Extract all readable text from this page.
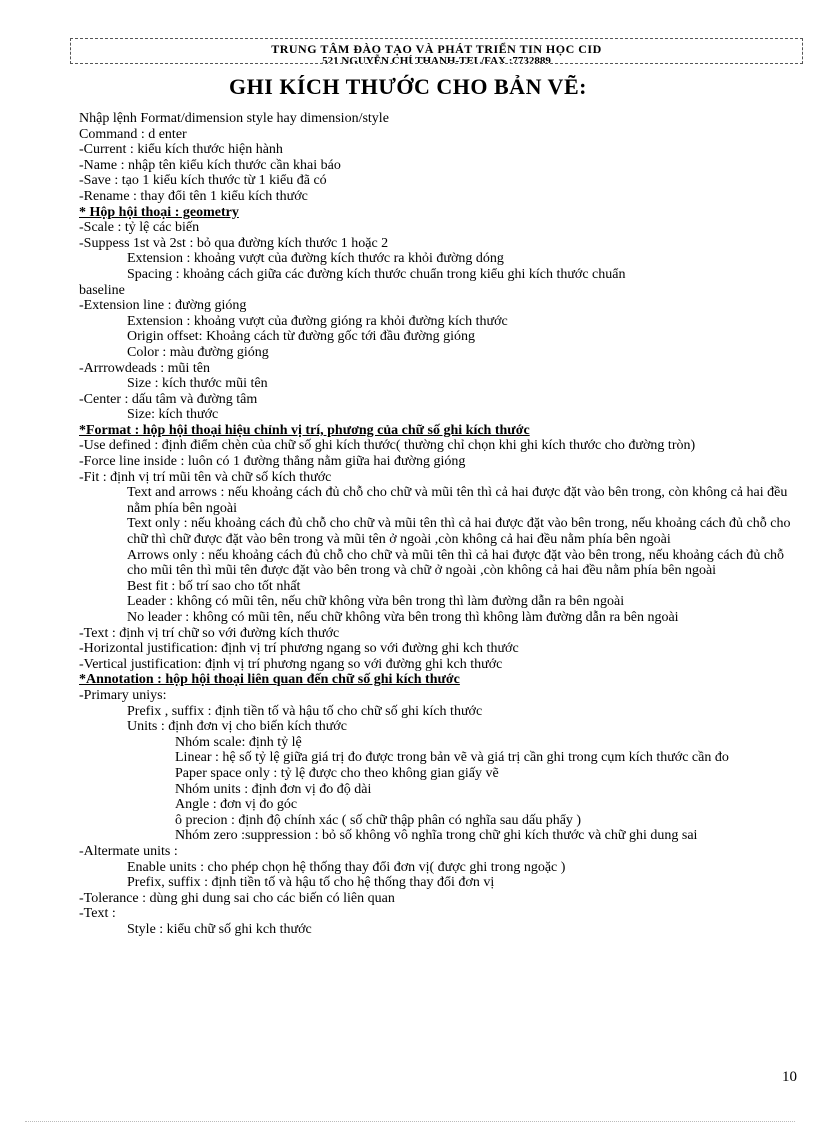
TRUNG TÂM ĐÀO TẠO VÀ PHÁT TRIỂN TIN HỌC CID
521 NGUYỄN CHÍ THANH-TEL/FAX :7732889
GHI KÍCH THƯỚC CHO BẢN VẼ:
Nhập lệnh Format/dimension style hay dimension/style
Command : d enter
-Current : kiểu kích thước hiện hành
-Name : nhập tên kiểu kích thước cần khai báo
-Save : tạo 1 kiểu kích thước từ 1 kiểu đã có
-Rename : thay đổi tên 1 kiểu kích thước
* Hộp hội thoại : geometry
-Scale : tỷ lệ các biến
-Suppess 1st và 2st : bỏ qua đường kích thước 1 hoặc 2
Extension : khoảng vượt của đường kích thước ra khỏi đường dóng
Spacing : khoảng cách giữa các đường kích thước chuẩn trong kiểu ghi kích thước chuẩn
baseline
-Extension line : đường gióng
Extension : khoảng vượt của đường gióng ra khỏi đường kích thước
Origin offset: Khoảng cách từ đường gốc tới đầu đường gióng
Color : màu đường gióng
-Arrrowdeads : mũi tên
Size : kích thước mũi tên
-Center : dấu tâm và đường tâm
Size: kích thước
*Format : hộp hội thoại hiệu chỉnh vị trí, phương của chữ số ghi kích thước
-Use defined : định điểm chèn của chữ số ghi kích thước( thường chỉ chọn khi ghi kích thước cho đường tròn)
-Force line inside : luôn có 1 đường thẳng nằm giữa hai đường gióng
-Fit : định vị trí mũi tên và chữ số kích thước
Text and arrows : nếu khoảng cách đủ chỗ cho chữ và mũi tên thì cả hai được đặt vào bên trong, còn không cả hai đều nằm phía bên ngoài
Text only : nếu khoảng cách đủ chỗ cho chữ và mũi tên thì cả hai được đặt vào bên trong, nếu khoảng cách đủ chỗ cho chữ thì chữ được đặt vào bên trong và mũi tên ở ngoài ,còn không cả hai đều nằm phía bên ngoài
Arrows only : nếu khoảng cách đủ chỗ cho chữ và mũi tên thì cả hai được đặt vào bên trong, nếu khoảng cách đủ chỗ cho mũi tên thì mũi tên được đặt vào bên trong và chữ ở ngoài ,còn không cả hai đều nằm phía bên ngoài
Best fit : bố trí sao cho tốt nhất
Leader : không có mũi tên, nếu chữ không vừa bên trong thì làm đường dẫn ra bên ngoài
No leader : không có mũi tên, nếu chữ không vừa bên trong thì không làm đường dẫn ra bên ngoài
-Text : định vị trí chữ so với đường kích thước
-Horizontal justification: định vị trí phương ngang so với đường ghi kch thước
-Vertical justification: định vị trí phương ngang so với đường ghi kch thước
*Annotation : hộp hội thoại liên quan đến chữ số ghi kích thước
-Primary uniys:
Prefix , suffix : định tiền tố và hậu tố cho chữ số ghi kích thước
Units : định đơn vị cho biến kích thước
Nhóm scale: định tỷ lệ
Linear : hệ số tỷ lệ giữa giá trị đo được trong bản vẽ và giá trị cần ghi trong cụm kích thước cần đo
Paper space only : tỷ lệ được cho theo không gian giấy vẽ
Nhóm units : định đơn vị đo độ dài
Angle : đơn vị đo góc
ô precion : định độ chính xác ( số chữ thập phân có nghĩa sau dấu phẩy )
Nhóm zero :suppression : bỏ số không vô nghĩa trong chữ ghi kích thước và chữ ghi dung sai
-Altermate units :
Enable units : cho phép chọn hệ thống thay đổi đơn vị( được ghi trong ngoặc )
Prefix, suffix : định tiền tố và hậu tố cho hệ thống thay đổi đơn vị
-Tolerance : dùng ghi dung sai cho các biến có liên quan
-Text :
Style : kiểu chữ số ghi kch thước
10
